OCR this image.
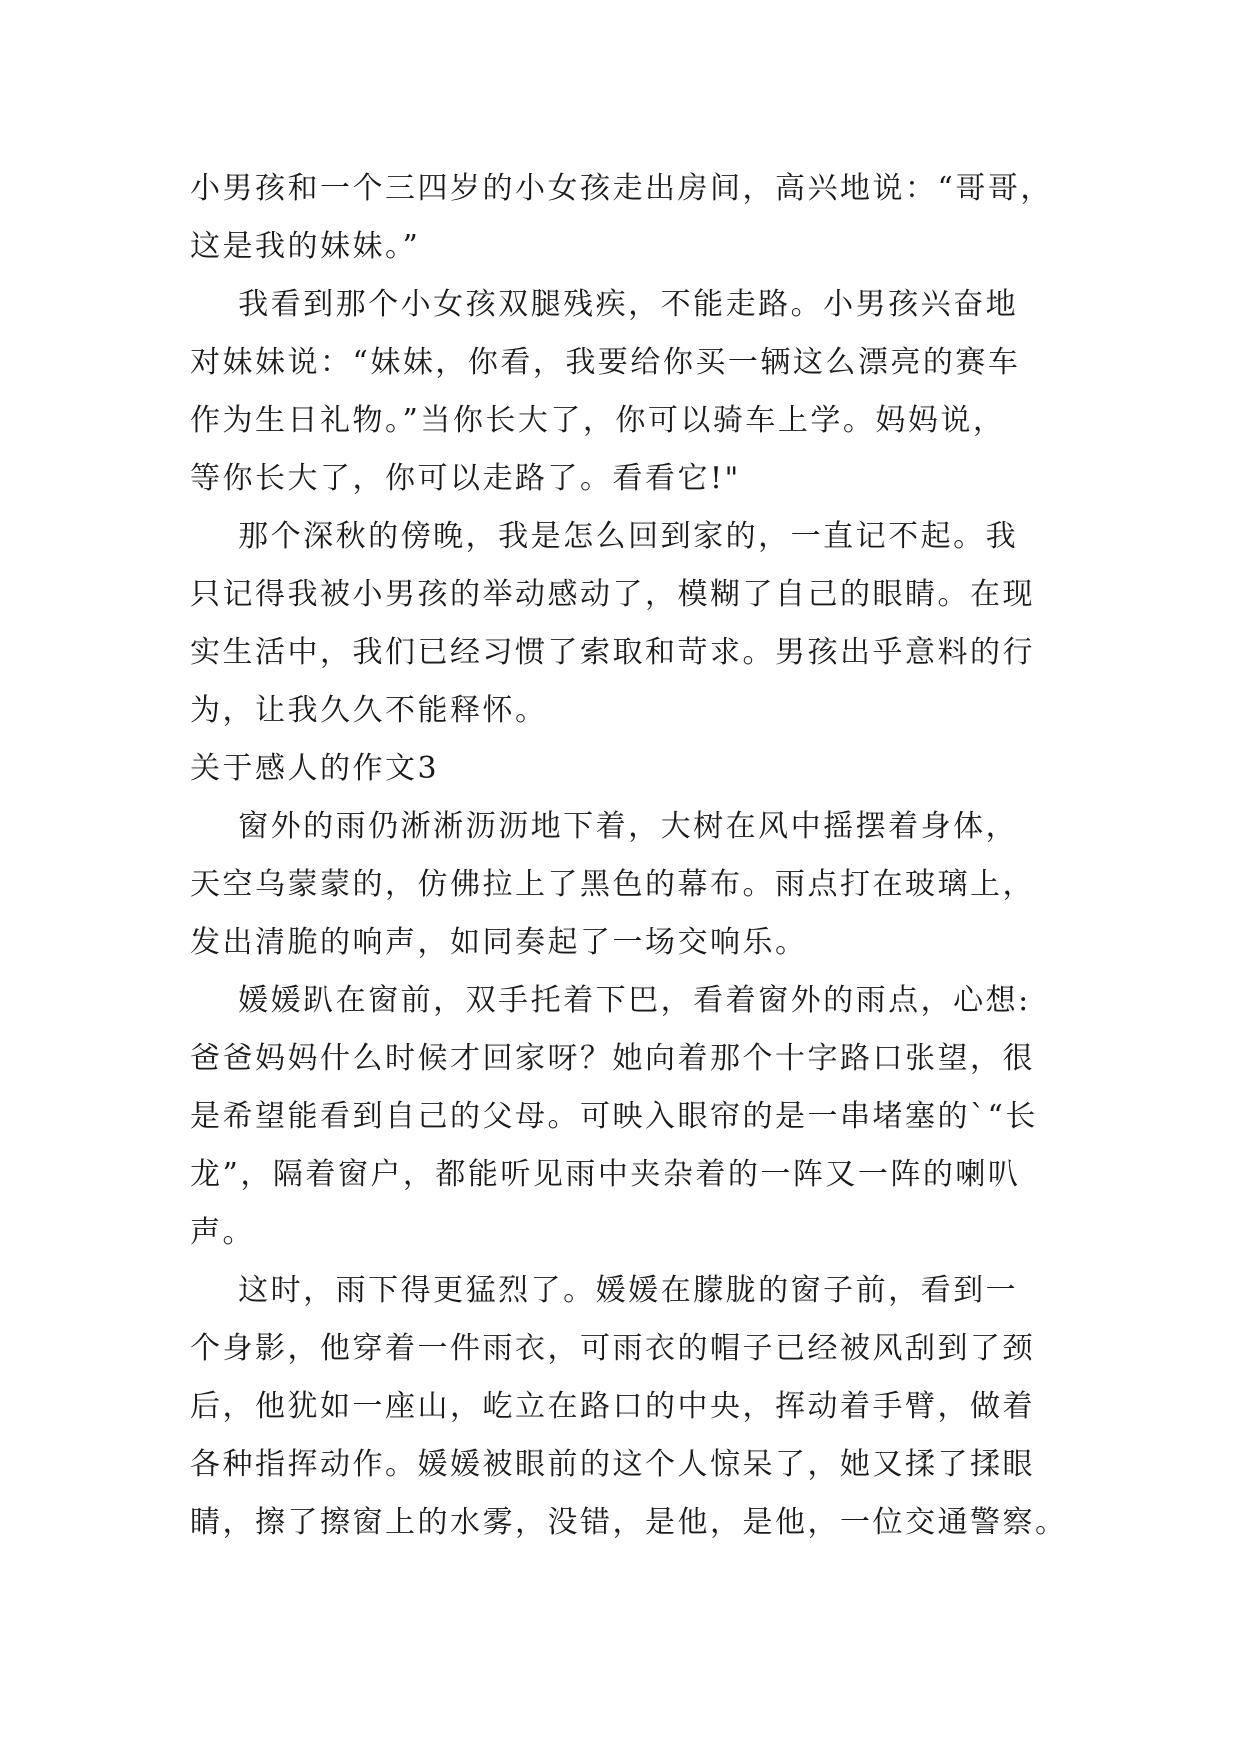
小男孩和一个三四岁的小女孩走出房间，高兴地说：“哥哥，
这是我的妹妹。”
我看到那个小女孩双腿残疾，不能走路。小男孩兴奋地
对妹妹说：“妹妹，你看，我要给你买一辆这么漂亮的赛车
作为生日礼物。”当你长大了，你可以骑车上学。妈妈说，
等你长大了，你可以走路了。看看它!"
那个深秋的傍晚，我是怎么回到家的，一直记不起。我
只记得我被小男孩的举动感动了，模糊了自己的眼睛。在现
实生活中，我们已经习惯了索取和苛求。男孩出乎意料的行
为，让我久久不能释怀。
关于感人的作文3
窗外的雨仍淅淅沥沥地下着，大树在风中摇摆着身体，
天空乌蒙蒙的，仿佛拉上了黑色的幕布。雨点打在玻璃上，
发出清脆的响声，如同奏起了一场交响乐。
媛媛趴在窗前，双手托着下巴，看着窗外的雨点，心想:
爸爸妈妈什么时候才回家呀？她向着那个十字路口张望，很
是希望能看到自己的父母。可映入眼帘的是一串堵塞的`“长
龙”，隔着窗户，都能听见雨中夹杂着的一阵又一阵的喇叭
声。
这时，雨下得更猛烈了。媛媛在朦胧的窗子前，看到一
个身影，他穿着一件雨衣，可雨衣的帽子已经被风刮到了颈
后，他犹如一座山，屹立在路口的中央，挥动着手臂，做着
各种指挥动作。媛媛被眼前的这个人惊呆了，她又揉了揉眼
睛，擦了擦窗上的水雾，没错，是他，是他，一位交通警察。
